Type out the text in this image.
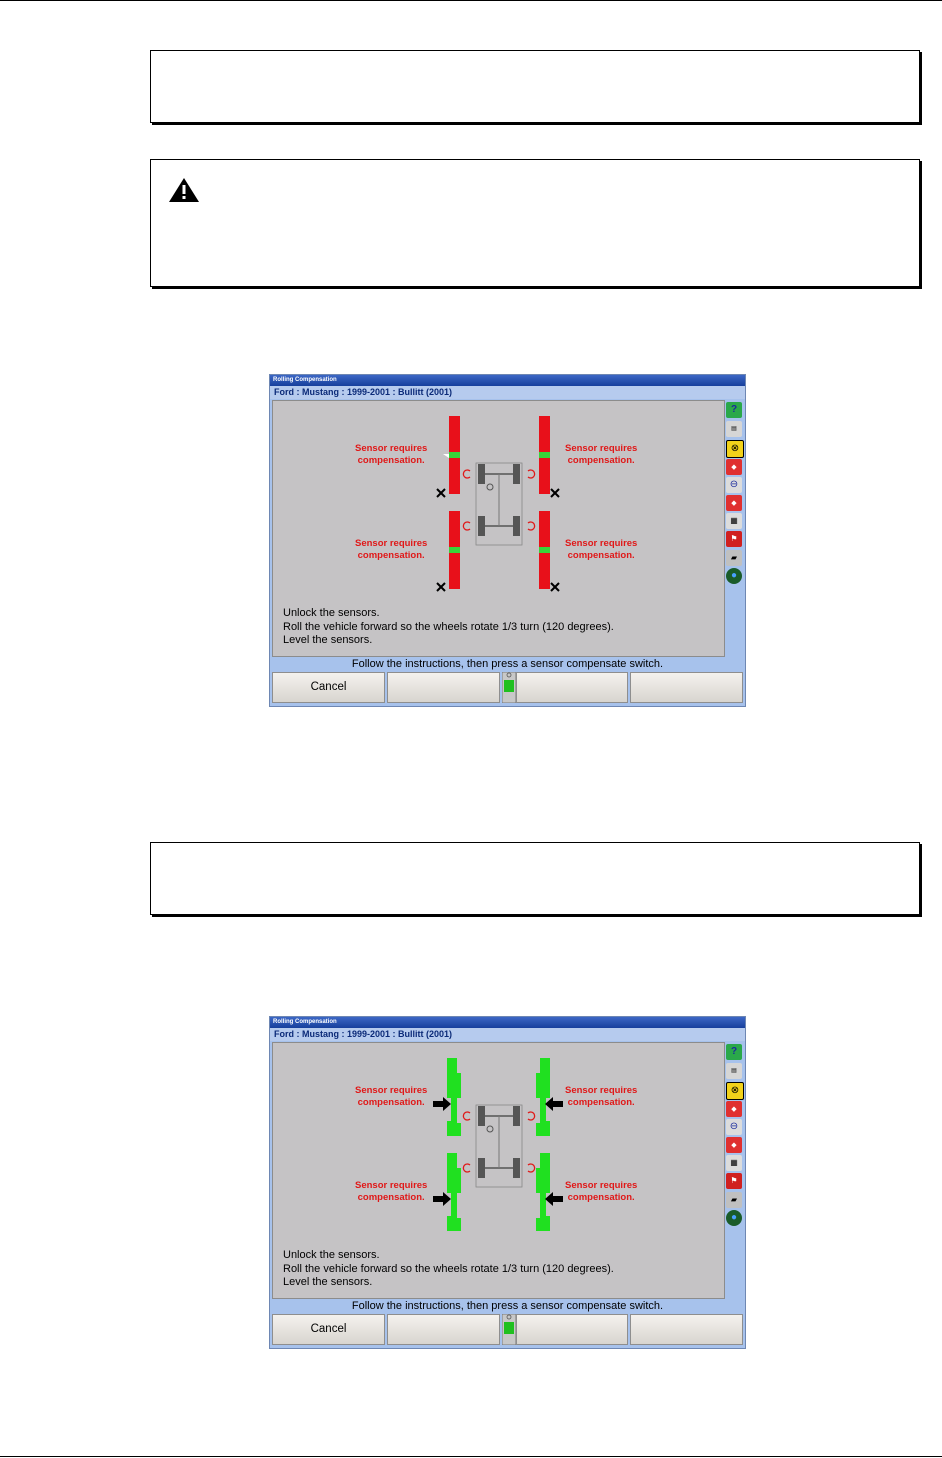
Rolling Compensation
Ford : Mustang : 1999-2001 : Bullitt (2001)
Sensor requires
compensation.
Sensor requires
compensation.
Sensor requires
compensation.
Sensor requires
compensation.
Unlock the sensors.
Roll the vehicle forward so the wheels rotate 1/3 turn (120 degrees).
Level the sensors.
?
▤
⊗
◆
⊖
◆
▦
⚑
▰
●
Follow the instructions, then press a sensor compensate switch.
Cancel
Rolling Compensation
Ford : Mustang : 1999-2001 : Bullitt (2001)
Sensor requires
compensation.
Sensor requires
compensation.
Sensor requires
compensation.
Sensor requires
compensation.
Unlock the sensors.
Roll the vehicle forward so the wheels rotate 1/3 turn (120 degrees).
Level the sensors.
?
▤
⊗
◆
⊖
◆
▦
⚑
▰
●
Follow the instructions, then press a sensor compensate switch.
Cancel
